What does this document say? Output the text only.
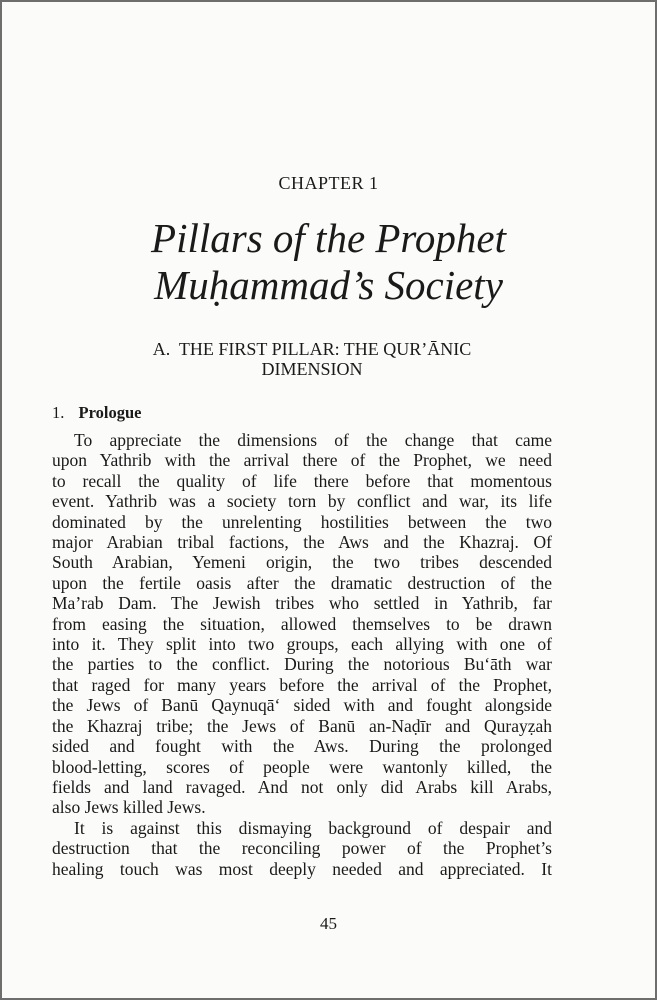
CHAPTER 1
Pillars of the Prophet
Muḥammad’s Society
A.  THE FIRST PILLAR: THE QUR’ĀNIC
DIMENSION
1. Prologue
To appreciate the dimensions of the change that came
upon Yathrib with the arrival there of the Prophet, we need
to recall the quality of life there before that momentous
event. Yathrib was a society torn by conflict and war, its life
dominated by the unrelenting hostilities between the two
major Arabian tribal factions, the Aws and the Khazraj. Of
South Arabian, Yemeni origin, the two tribes descended
upon the fertile oasis after the dramatic destruction of the
Ma’rab Dam. The Jewish tribes who settled in Yathrib, far
from easing the situation, allowed themselves to be drawn
into it. They split into two groups, each allying with one of
the parties to the conflict. During the notorious Bu‘āth war
that raged for many years before the arrival of the Prophet,
the Jews of Banū Qaynuqā‘ sided with and fought alongside
the Khazraj tribe; the Jews of Banū an-Naḍīr and Qurayẓah
sided and fought with the Aws. During the prolonged
blood-letting, scores of people were wantonly killed, the
fields and land ravaged. And not only did Arabs kill Arabs,
also Jews killed Jews.
It is against this dismaying background of despair and
destruction that the reconciling power of the Prophet’s
healing touch was most deeply needed and appreciated. It
45
